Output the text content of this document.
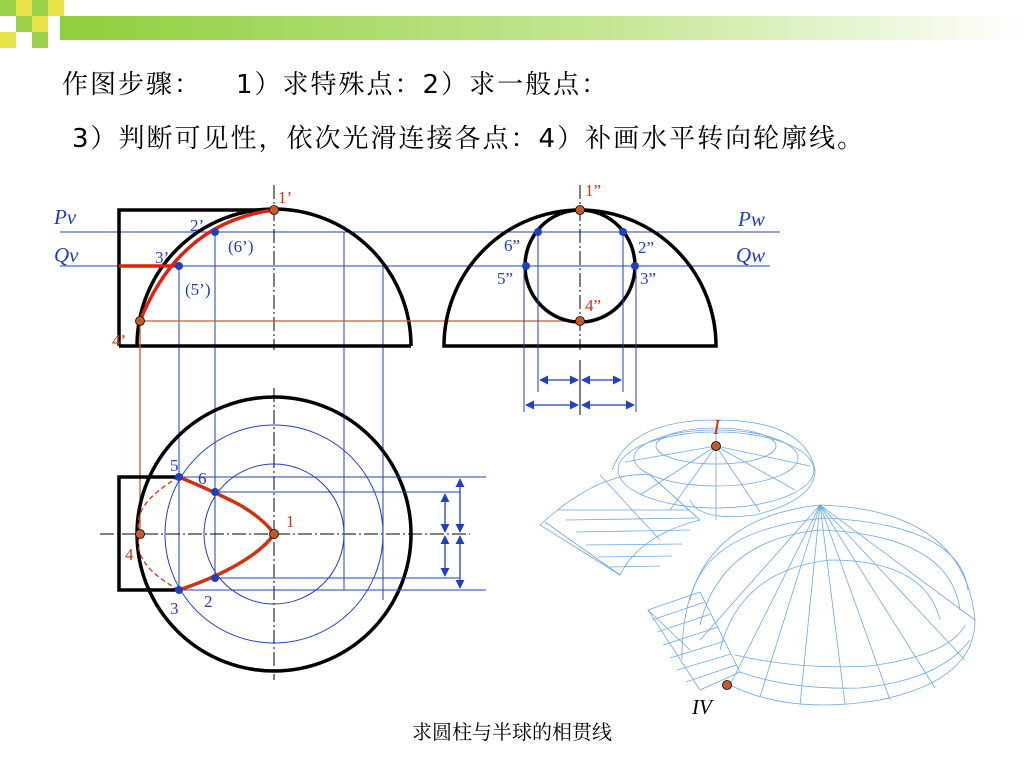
作图步骤： 1）求特殊点：2）求一般点：
3）判断可见性，依次光滑连接各点：4）补画水平转向轮廓线。
Pv
Qv
1’
2’
3’
4’
(5’)
(6’)
Pw
Qw
1”
2”
3”
4”
5”
6”
1
2
3
4
5
6
I
IV
求圆柱与半球的相贯线
